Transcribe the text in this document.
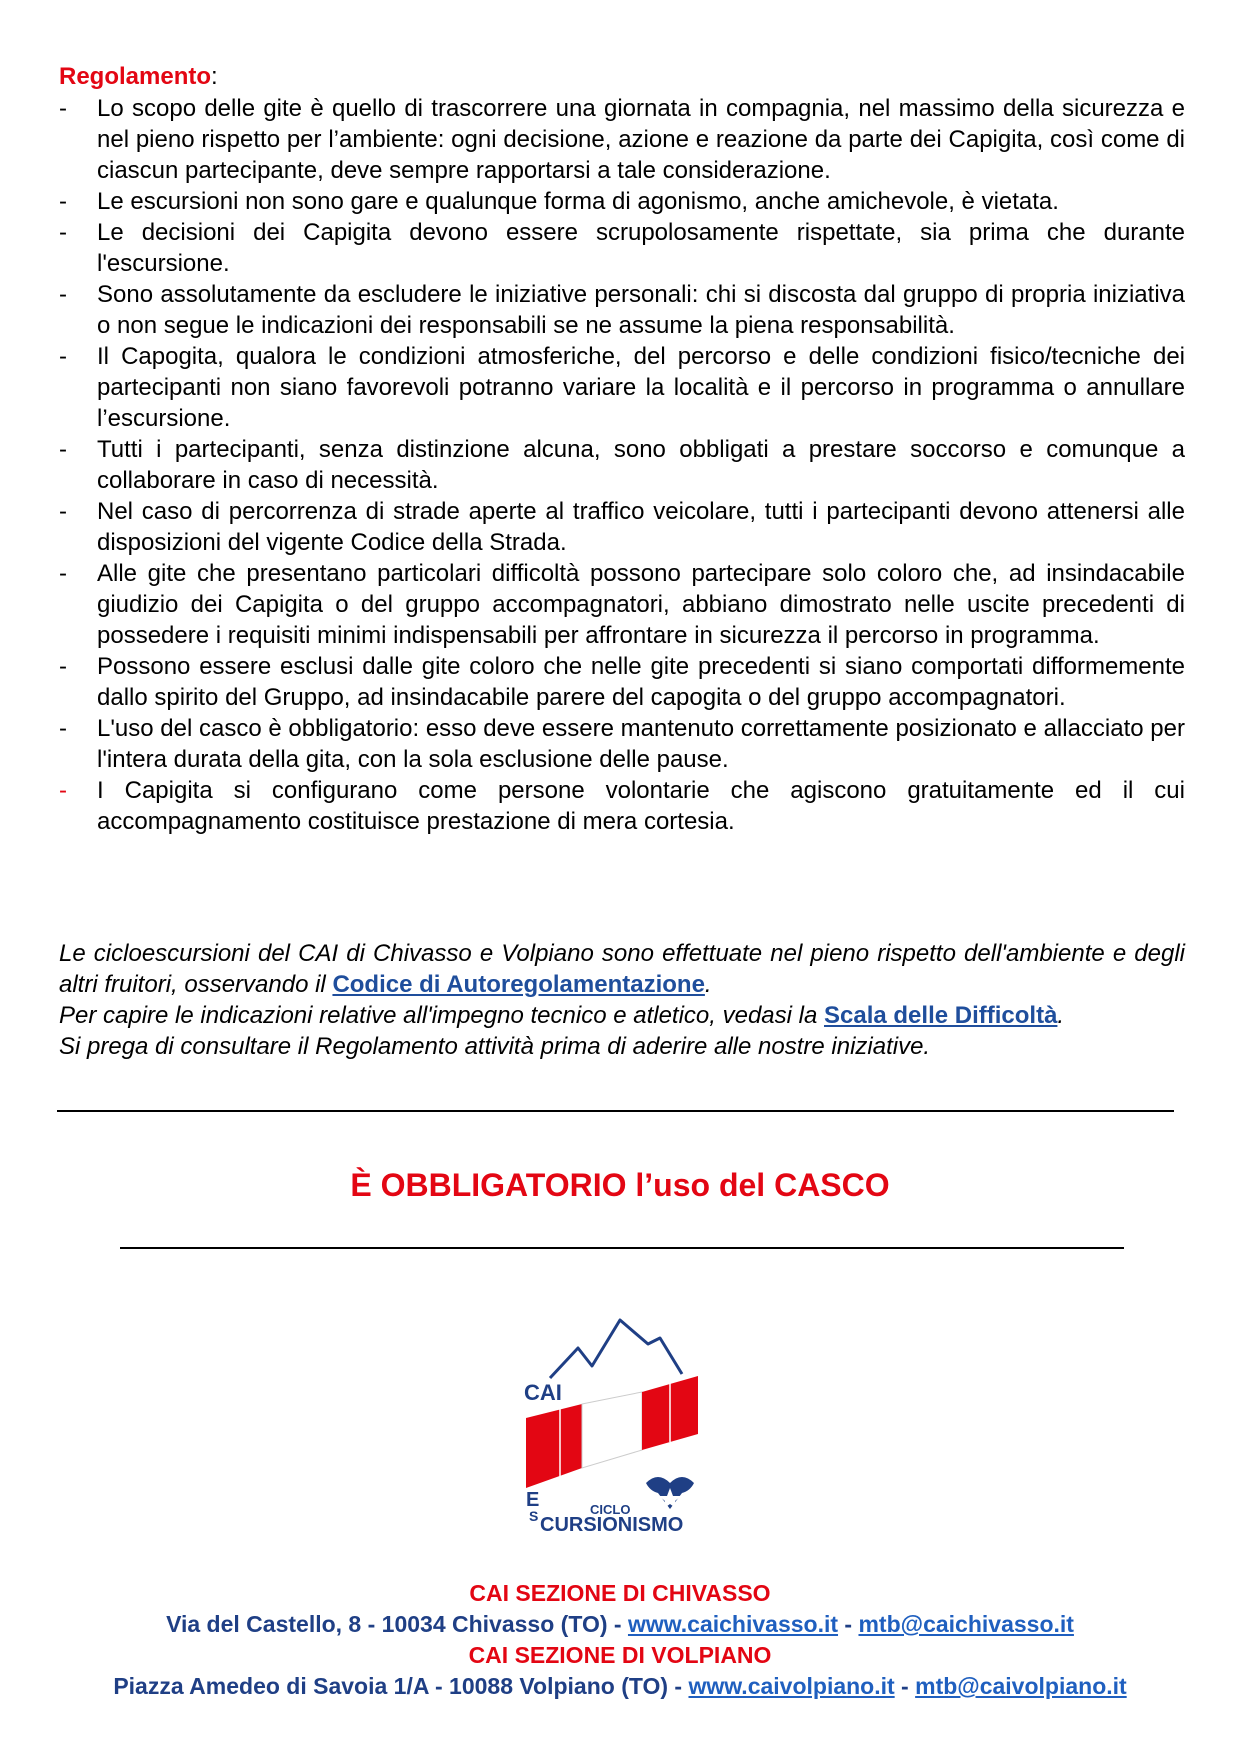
Regolamento:
- Lo scopo delle gite è quello di trascorrere una giornata in compagnia, nel massimo della sicurezza e nel pieno rispetto per l’ambiente: ogni decisione, azione e reazione da parte dei Capigita, così come di ciascun partecipante, deve sempre rapportarsi a tale considerazione.
- Le escursioni non sono gare e qualunque forma di agonismo, anche amichevole, è vietata.
- Le decisioni dei Capigita devono essere scrupolosamente rispettate, sia prima che durante l'escursione.
- Sono assolutamente da escludere le iniziative personali: chi si discosta dal gruppo di propria iniziativa o non segue le indicazioni dei responsabili se ne assume la piena responsabilità.
- Il Capogita, qualora le condizioni atmosferiche, del percorso e delle condizioni fisico/tecniche dei partecipanti non siano favorevoli potranno variare la località e il percorso in programma o annullare l’escursione.
- Tutti i partecipanti, senza distinzione alcuna, sono obbligati a prestare soccorso e comunque a collaborare in caso di necessità.
- Nel caso di percorrenza di strade aperte al traffico veicolare, tutti i partecipanti devono attenersi alle disposizioni del vigente Codice della Strada.
- Alle gite che presentano particolari difficoltà possono partecipare solo coloro che, ad insindacabile giudizio dei Capigita o del gruppo accompagnatori, abbiano dimostrato nelle uscite precedenti di possedere i requisiti minimi indispensabili per affrontare in sicurezza il percorso in programma.
- Possono essere esclusi dalle gite coloro che nelle gite precedenti si siano comportati difformemente dallo spirito del Gruppo, ad insindacabile parere del capogita o del gruppo accompagnatori.
- L'uso del casco è obbligatorio: esso deve essere mantenuto correttamente posizionato e allacciato per l'intera durata della gita, con la sola esclusione delle pause.
- I Capigita si configurano come persone volontarie che agiscono gratuitamente ed il cui accompagnamento costituisce prestazione di mera cortesia.

Le cicloescursioni del CAI di Chivasso e Volpiano sono effettuate nel pieno rispetto dell'ambiente e degli altri fruitori, osservando il Codice di Autoregolamentazione.

Per capire le indicazioni relative all'impegno tecnico e atletico, vedasi la Scala delle Difficoltà.

Si prega di consultare il Regolamento attività prima di aderire alle nostre iniziative.

È OBBLIGATORIO l’uso del CASCO
CAI
E
S	CICLO
CURSIONISMO
CAI SEZIONE DI CHIVASSO
Via del Castello, 8 - 10034 Chivasso (TO) - www.caichivasso.it - mtb@caichivasso.it
CAI SEZIONE DI VOLPIANO
Piazza Amedeo di Savoia 1/A - 10088 Volpiano (TO) - www.caivolpiano.it - mtb@caivolpiano.it
